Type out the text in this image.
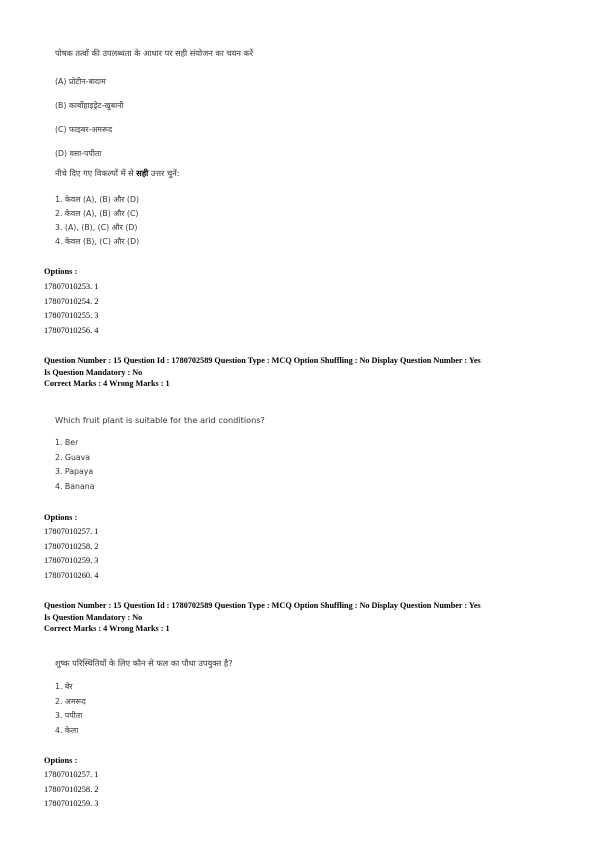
पोषक तत्वों की उपलब्धता के आधार पर सही संयोजन का चयन करें

(A) प्रोटीन-बादाम
(B) कार्बोहाइड्रेट-खुबानी
(C) फाइबर-अमरूद
(D) वसा-पपीता

नीचे दिए गए विकल्पों में से सही उत्तर चुनें:

1. केवल (A), (B) और (D)
2. केवल (A), (B) और (C)
3. (A), (B), (C) और (D)
4. केवल (B), (C) और (D)
Options :
17807010253. 1
17807010254. 2
17807010255. 3
17807010256. 4
Question Number : 15 Question Id : 1780702589 Question Type : MCQ Option Shuffling : No Display Question Number : Yes
Is Question Mandatory : No
Correct Marks : 4 Wrong Marks : 1

Which fruit plant is suitable for the arid conditions?

1. Ber
2. Guava
3. Papaya
4. Banana
Options :
17807010257. 1
17807010258. 2
17807010259. 3
17807010260. 4
Question Number : 15 Question Id : 1780702589 Question Type : MCQ Option Shuffling : No Display Question Number : Yes
Is Question Mandatory : No
Correct Marks : 4 Wrong Marks : 1

शुष्क परिस्थितियों के लिए कौन से फल का पौधा उपयुक्त है?

1. बेर
2. अमरूद
3. पपीता
4. केला
Options :
17807010257. 1
17807010258. 2
17807010259. 3
